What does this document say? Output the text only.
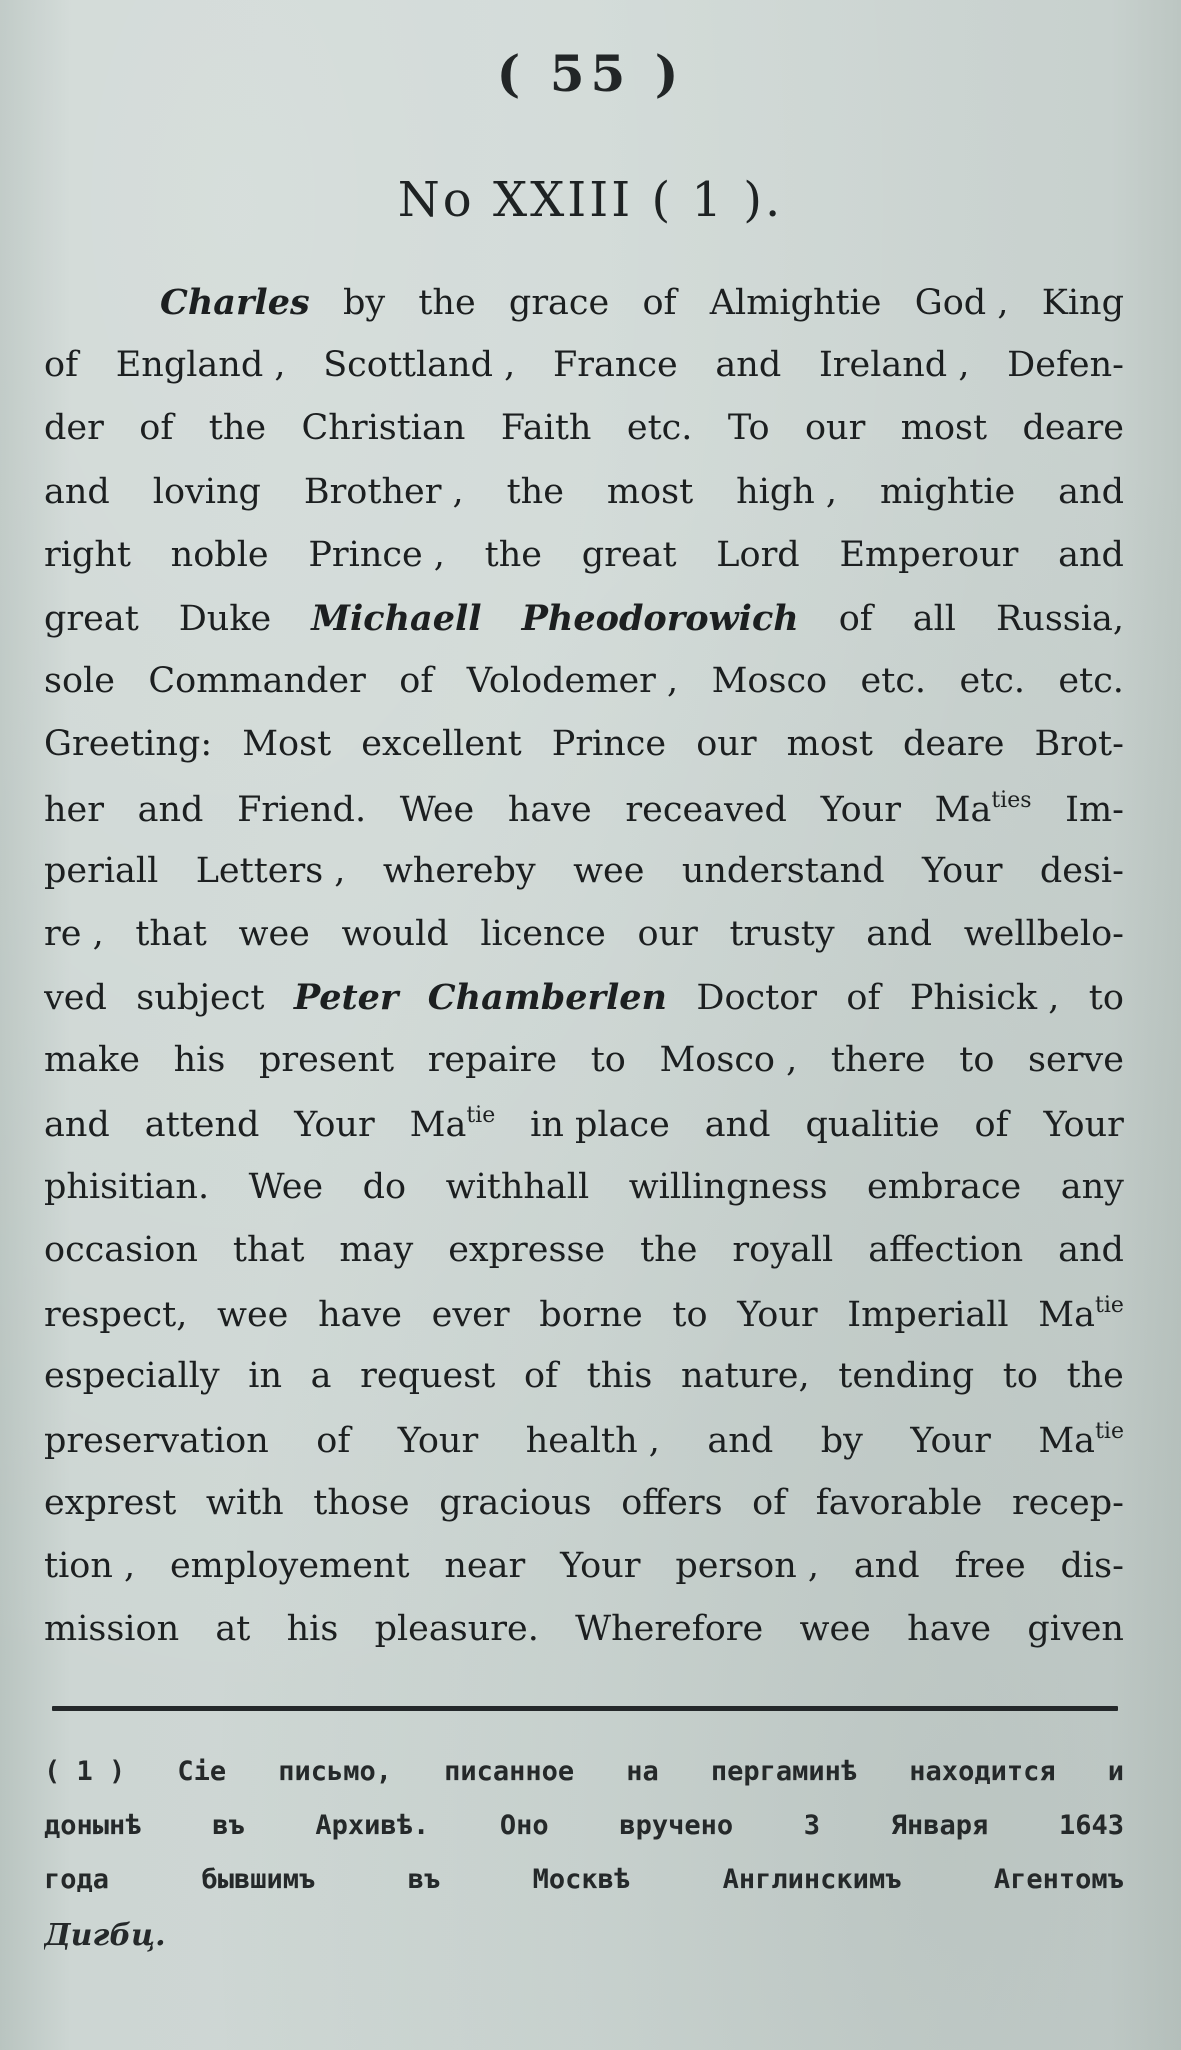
( 55 )
No XXIII ( 1 ).
Charles by the grace of Almightie God , King
of England , Scottland , France and Ireland , Defen-
der of the Christian Faith etc. To our most deare
and loving Brother , the most high , mightie and
right noble Prince , the great Lord Emperour and
great Duke Michaell Pheodorowich of all Russia,
sole Commander of Volodemer , Mosco etc. etc. etc.
Greeting: Most excellent Prince our most deare Brot-
her and Friend. Wee have receaved Your Maties Im-
periall Letters , whereby wee understand Your desi-
re , that wee would licence our trusty and wellbelo-
ved subject Peter Chamberlen Doctor of Phisick , to
make his present repaire to Mosco , there to serve
and attend Your Matie in place and qualitie of Your
phisitian. Wee do withhall willingness embrace any
occasion that may expresse the royall affection and
respect, wee have ever borne to Your Imperiall Matie
especially in a request of this nature, tending to the
preservation of Your health , and by Your Matie
exprest with those gracious offers of favorable recep-
tion , employement near Your person , and free dis-
mission at his pleasure. Wherefore wee have given
( 1 ) Сіе письмо, писанное на пергаминѣ находится и
донынѣ	въ	Архивѣ.	Оно	вручено	3	Января	1643
года	бывшимъ	въ	Москвѣ	Англинскимъ	Агентомъ
Дигбц.
